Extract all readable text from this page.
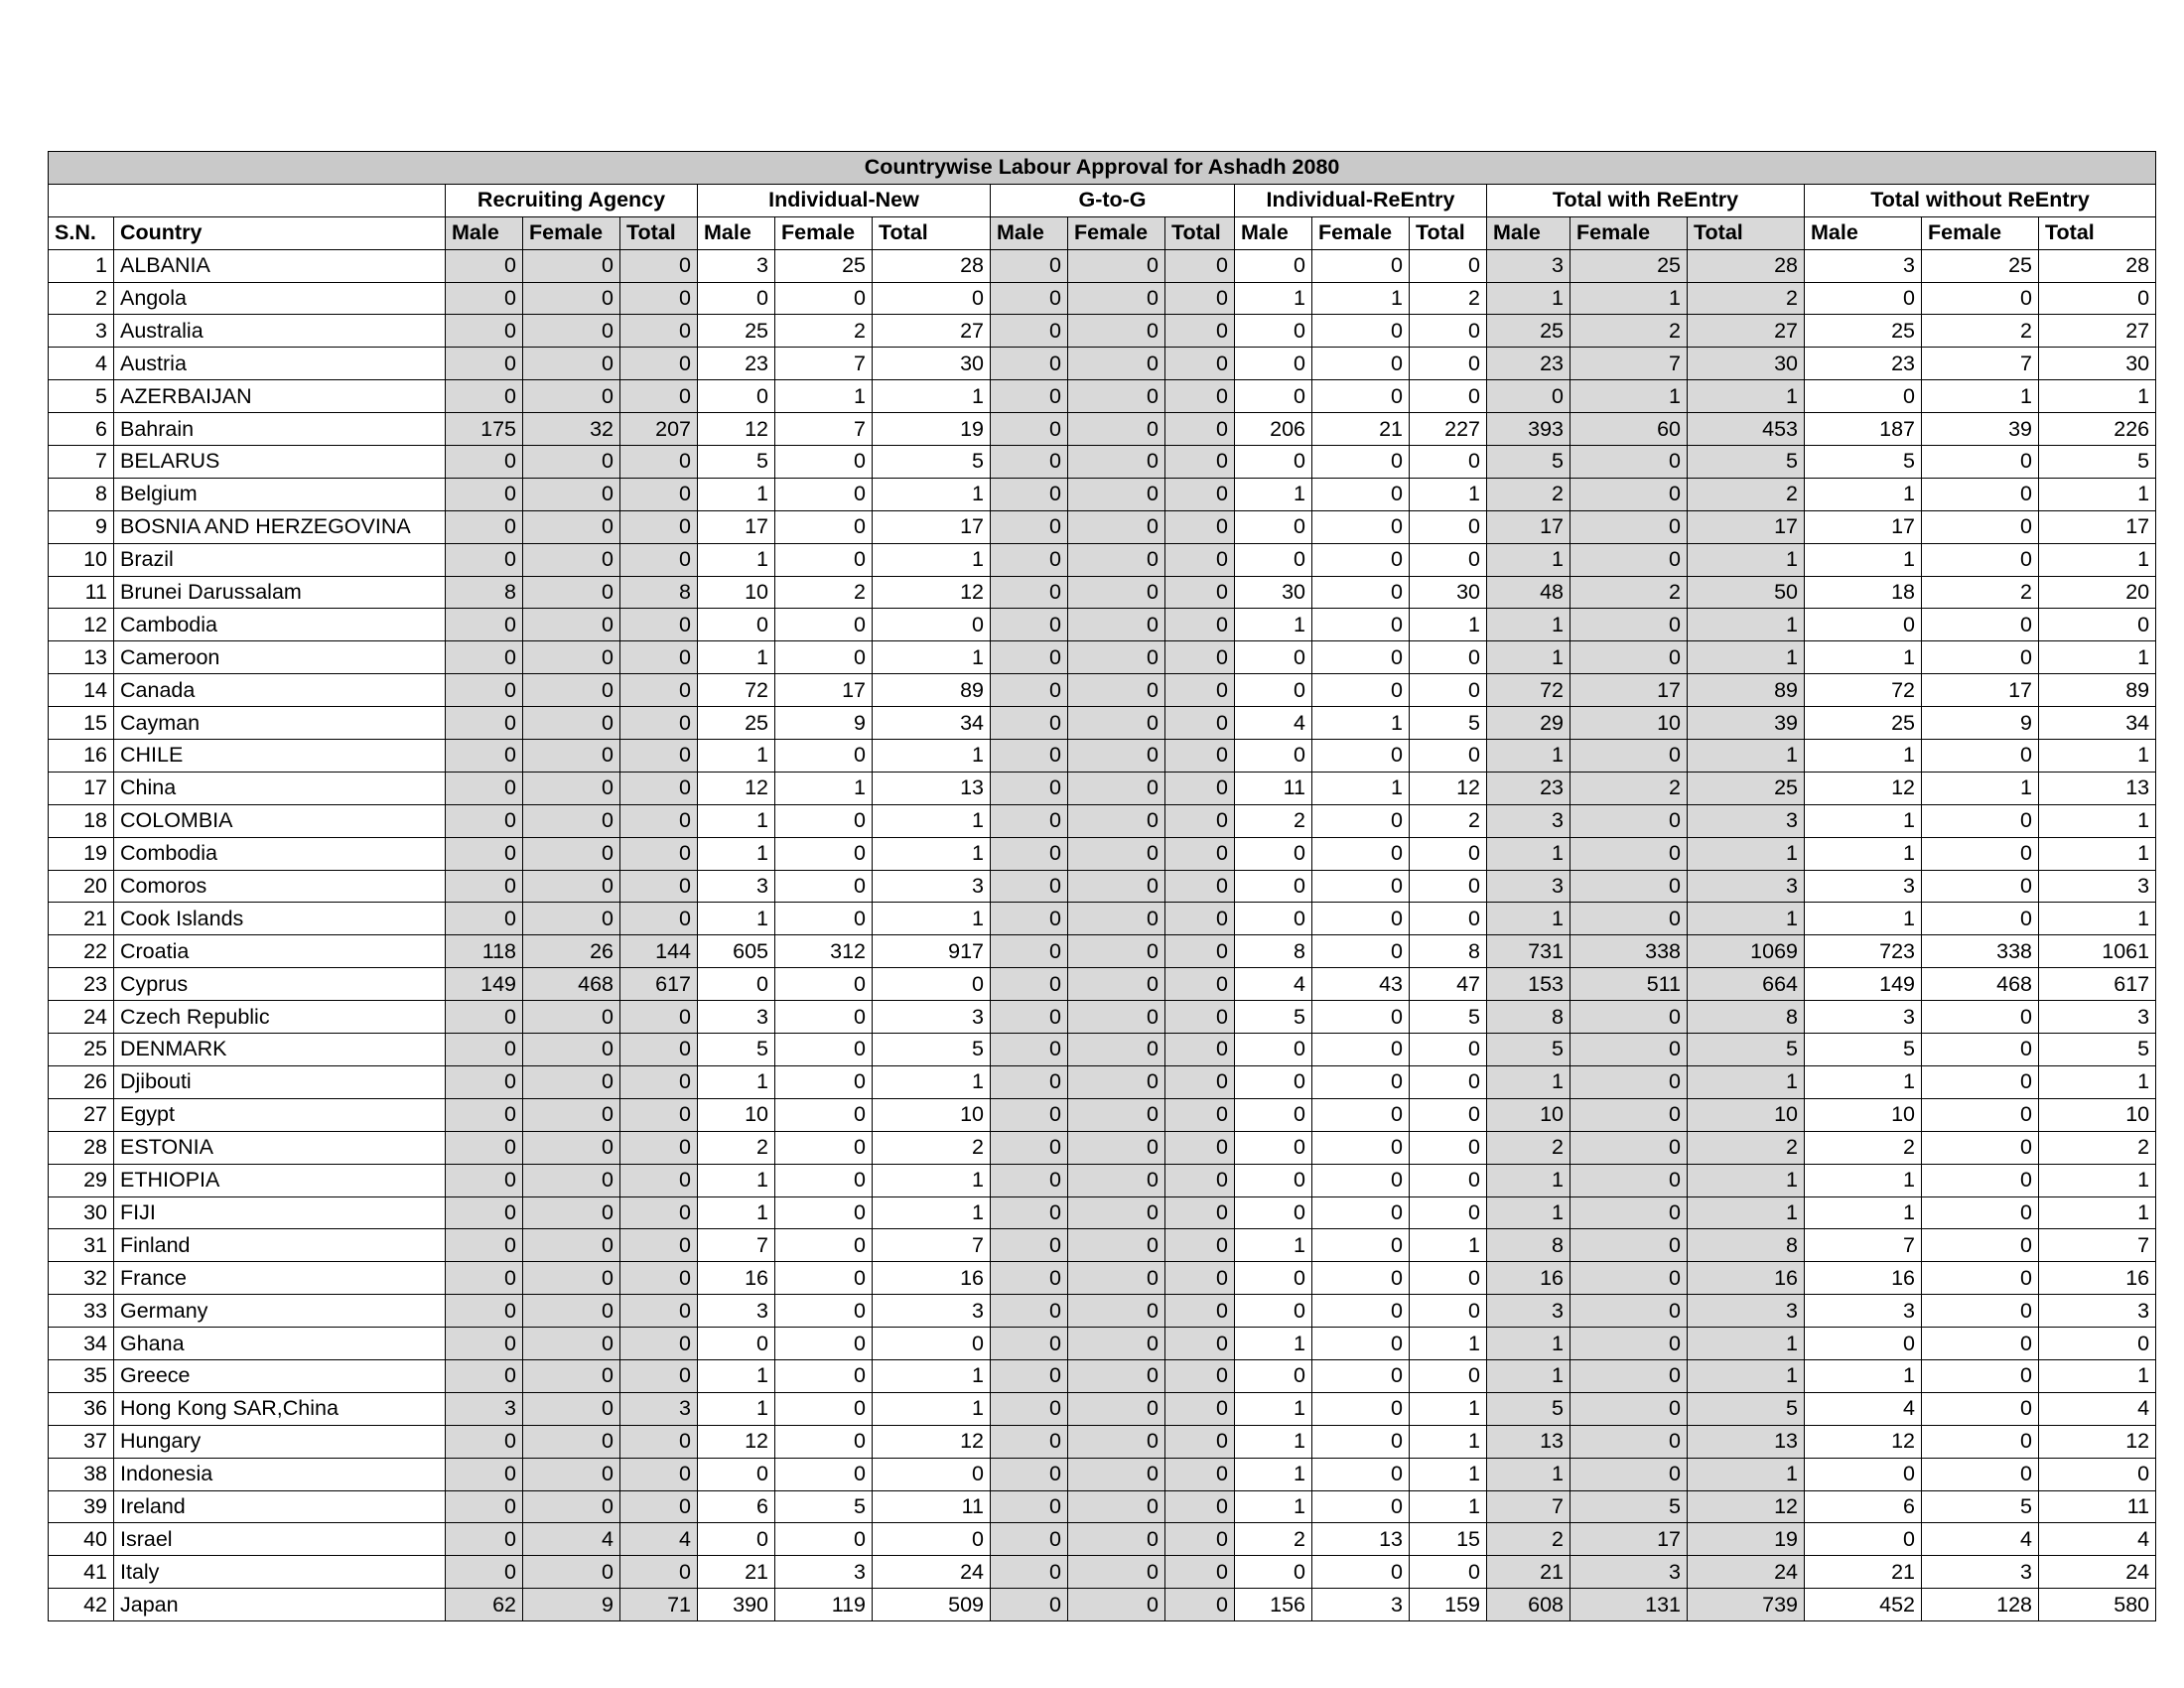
Countrywise Labour Approval for Ashadh 2080																			
		Recruiting Agency			Individual-New			G-to-G			Individual-ReEntry			Total with ReEntry			Total without ReEntry		
S.N.	Country	Male	Female	Total	Male	Female	Total	Male	Female	Total	Male	Female	Total	Male	Female	Total	Male	Female	Total
1	ALBANIA	0	0	0	3	25	28	0	0	0	0	0	0	3	25	28	3	25	28
2	Angola	0	0	0	0	0	0	0	0	0	1	1	2	1	1	2	0	0	0
3	Australia	0	0	0	25	2	27	0	0	0	0	0	0	25	2	27	25	2	27
4	Austria	0	0	0	23	7	30	0	0	0	0	0	0	23	7	30	23	7	30
5	AZERBAIJAN	0	0	0	0	1	1	0	0	0	0	0	0	0	1	1	0	1	1
6	Bahrain	175	32	207	12	7	19	0	0	0	206	21	227	393	60	453	187	39	226
7	BELARUS	0	0	0	5	0	5	0	0	0	0	0	0	5	0	5	5	0	5
8	Belgium	0	0	0	1	0	1	0	0	0	1	0	1	2	0	2	1	0	1
9	BOSNIA AND HERZEGOVINA	0	0	0	17	0	17	0	0	0	0	0	0	17	0	17	17	0	17
10	Brazil	0	0	0	1	0	1	0	0	0	0	0	0	1	0	1	1	0	1
11	Brunei Darussalam	8	0	8	10	2	12	0	0	0	30	0	30	48	2	50	18	2	20
12	Cambodia	0	0	0	0	0	0	0	0	0	1	0	1	1	0	1	0	0	0
13	Cameroon	0	0	0	1	0	1	0	0	0	0	0	0	1	0	1	1	0	1
14	Canada	0	0	0	72	17	89	0	0	0	0	0	0	72	17	89	72	17	89
15	Cayman	0	0	0	25	9	34	0	0	0	4	1	5	29	10	39	25	9	34
16	CHILE	0	0	0	1	0	1	0	0	0	0	0	0	1	0	1	1	0	1
17	China	0	0	0	12	1	13	0	0	0	11	1	12	23	2	25	12	1	13
18	COLOMBIA	0	0	0	1	0	1	0	0	0	2	0	2	3	0	3	1	0	1
19	Combodia	0	0	0	1	0	1	0	0	0	0	0	0	1	0	1	1	0	1
20	Comoros	0	0	0	3	0	3	0	0	0	0	0	0	3	0	3	3	0	3
21	Cook Islands	0	0	0	1	0	1	0	0	0	0	0	0	1	0	1	1	0	1
22	Croatia	118	26	144	605	312	917	0	0	0	8	0	8	731	338	1069	723	338	1061
23	Cyprus	149	468	617	0	0	0	0	0	0	4	43	47	153	511	664	149	468	617
24	Czech Republic	0	0	0	3	0	3	0	0	0	5	0	5	8	0	8	3	0	3
25	DENMARK	0	0	0	5	0	5	0	0	0	0	0	0	5	0	5	5	0	5
26	Djibouti	0	0	0	1	0	1	0	0	0	0	0	0	1	0	1	1	0	1
27	Egypt	0	0	0	10	0	10	0	0	0	0	0	0	10	0	10	10	0	10
28	ESTONIA	0	0	0	2	0	2	0	0	0	0	0	0	2	0	2	2	0	2
29	ETHIOPIA	0	0	0	1	0	1	0	0	0	0	0	0	1	0	1	1	0	1
30	FIJI	0	0	0	1	0	1	0	0	0	0	0	0	1	0	1	1	0	1
31	Finland	0	0	0	7	0	7	0	0	0	1	0	1	8	0	8	7	0	7
32	France	0	0	0	16	0	16	0	0	0	0	0	0	16	0	16	16	0	16
33	Germany	0	0	0	3	0	3	0	0	0	0	0	0	3	0	3	3	0	3
34	Ghana	0	0	0	0	0	0	0	0	0	1	0	1	1	0	1	0	0	0
35	Greece	0	0	0	1	0	1	0	0	0	0	0	0	1	0	1	1	0	1
36	Hong Kong SAR,China	3	0	3	1	0	1	0	0	0	1	0	1	5	0	5	4	0	4
37	Hungary	0	0	0	12	0	12	0	0	0	1	0	1	13	0	13	12	0	12
38	Indonesia	0	0	0	0	0	0	0	0	0	1	0	1	1	0	1	0	0	0
39	Ireland	0	0	0	6	5	11	0	0	0	1	0	1	7	5	12	6	5	11
40	Israel	0	4	4	0	0	0	0	0	0	2	13	15	2	17	19	0	4	4
41	Italy	0	0	0	21	3	24	0	0	0	0	0	0	21	3	24	21	3	24
42	Japan	62	9	71	390	119	509	0	0	0	156	3	159	608	131	739	452	128	580
